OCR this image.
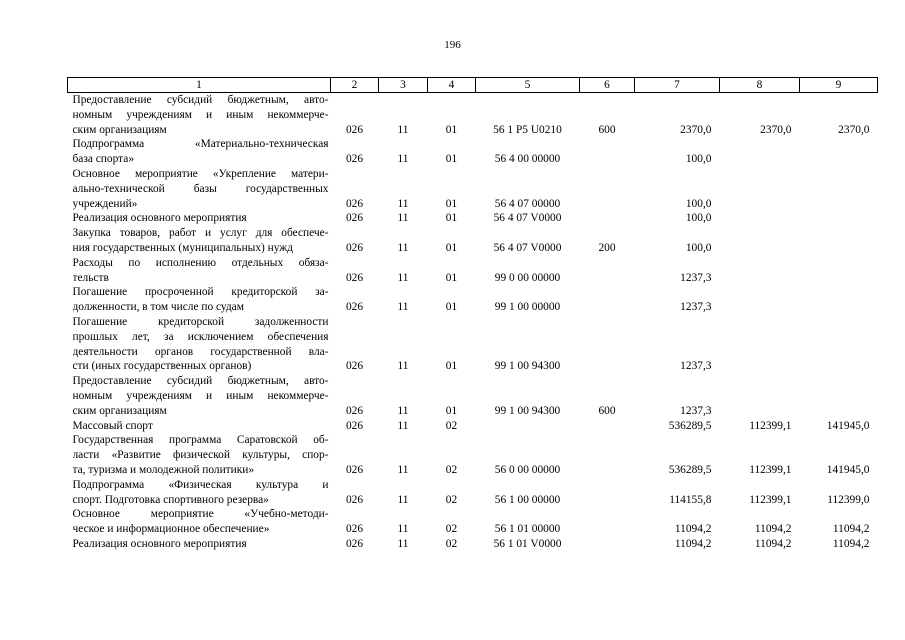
196
1	2	3	4	5	6	7	8	9

Предоставление субсидий бюджетным, авто-
номным учреждениям и иным некоммерче-
ским организациям	026	11	01	56 1 P5 U0210	600	2370,0	2370,0	2370,0

Подпрограмма «Материально-техническая
база спорта»	026	11	01	56 4 00 00000		100,0		

Основное мероприятие «Укрепление матери-
ально-технической базы государственных
учреждений»	026	11	01	56 4 07 00000		100,0		

Реализация основного мероприятия	026	11	01	56 4 07 V0000		100,0		

Закупка товаров, работ и услуг для обеспече-
ния государственных (муниципальных) нужд	026	11	01	56 4 07 V0000	200	100,0		

Расходы по исполнению отдельных обяза-
тельств	026	11	01	99 0 00 00000		1237,3		

Погашение просроченной кредиторской за-
долженности, в том числе по судам	026	11	01	99 1 00 00000		1237,3		

Погашение кредиторской задолженности
прошлых лет, за исключением обеспечения
деятельности органов государственной вла-
сти (иных государственных органов)	026	11	01	99 1 00 94300		1237,3		

Предоставление субсидий бюджетным, авто-
номным учреждениям и иным некоммерче-
ским организациям	026	11	01	99 1 00 94300	600	1237,3		

Массовый спорт	026	11	02			536289,5	112399,1	141945,0

Государственная программа Саратовской об-
ласти «Развитие физической культуры, спор-
та, туризма и молодежной политики»	026	11	02	56 0 00 00000		536289,5	112399,1	141945,0

Подпрограмма «Физическая культура и
спорт. Подготовка спортивного резерва»	026	11	02	56 1 00 00000		114155,8	112399,1	112399,0

Основное мероприятие «Учебно-методи-
ческое и информационное обеспечение»	026	11	02	56 1 01 00000		11094,2	11094,2	11094,2

Реализация основного мероприятия	026	11	02	56 1 01 V0000		11094,2	11094,2	11094,2
